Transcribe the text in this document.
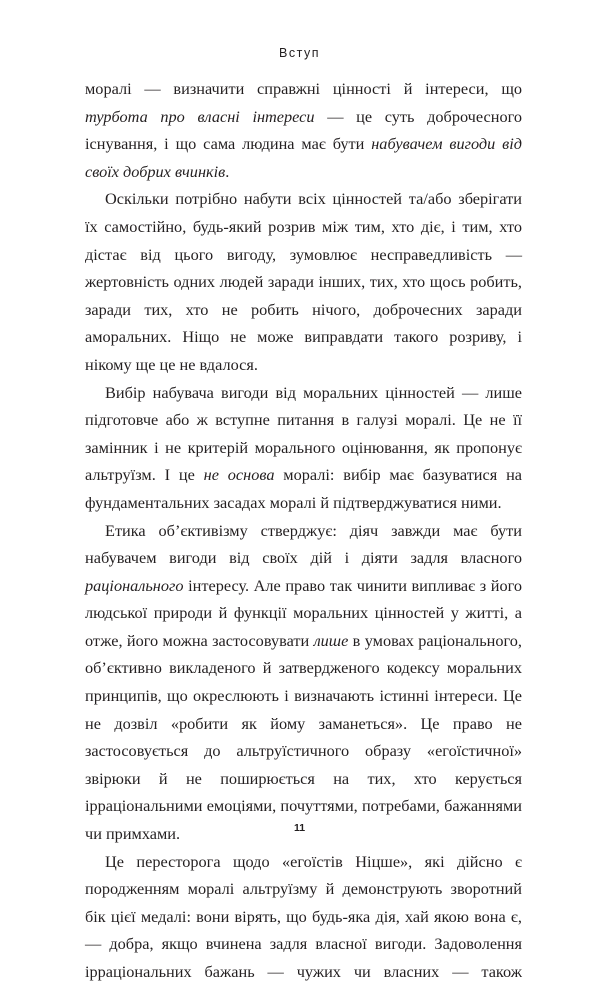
Вступ

моралі — визначити справжні цінності й інтереси, що турбота про власні інтереси — це суть доброчесного існування, і що сама людина має бути набувачем вигоди від своїх добрих вчинків.

Оскільки потрібно набути всіх цінностей та/або зберігати їх самостійно, будь-який розрив між тим, хто діє, і тим, хто дістає від цього вигоду, зумовлює несправедливість — жертовність одних людей заради інших, тих, хто щось робить, заради тих, хто не робить нічого, доброчесних заради аморальних. Ніщо не може виправдати такого розриву, і нікому ще це не вдалося.

Вибір набувача вигоди від моральних цінностей — лише підготовче або ж вступне питання в галузі моралі. Це не її замінник і не критерій морального оцінювання, як пропонує альтруїзм. І це не основа моралі: вибір має базуватися на фундаментальних засадах моралі й підтверджуватися ними.

Етика об’єктивізму стверджує: діяч завжди має бути набувачем вигоди від своїх дій і діяти задля власного раціонального інтересу. Але право так чинити випливає з його людської природи й функції моральних цінностей у житті, а отже, його можна застосовувати лише в умовах раціонального, об’єктивно викладеного й затвердженого кодексу моральних принципів, що окреслюють і визначають істинні інтереси. Це не дозвіл «робити як йому заманеться». Це право не застосовується до альтруїстичного образу «егоїстичної» звірюки й не поширюється на тих, хто керується ірраціональними емоціями, почуттями, потребами, бажаннями чи примхами.

Це пересторога щодо «егоїстів Ніцше», які дійсно є породженням моралі альтруїзму й демонструють зворотний бік цієї медалі: вони вірять, що будь-яка дія, хай якою вона є, — добра, якщо вчинена задля власної вигоди. Задоволення ірраціональних бажань — чужих чи власних — також

11
